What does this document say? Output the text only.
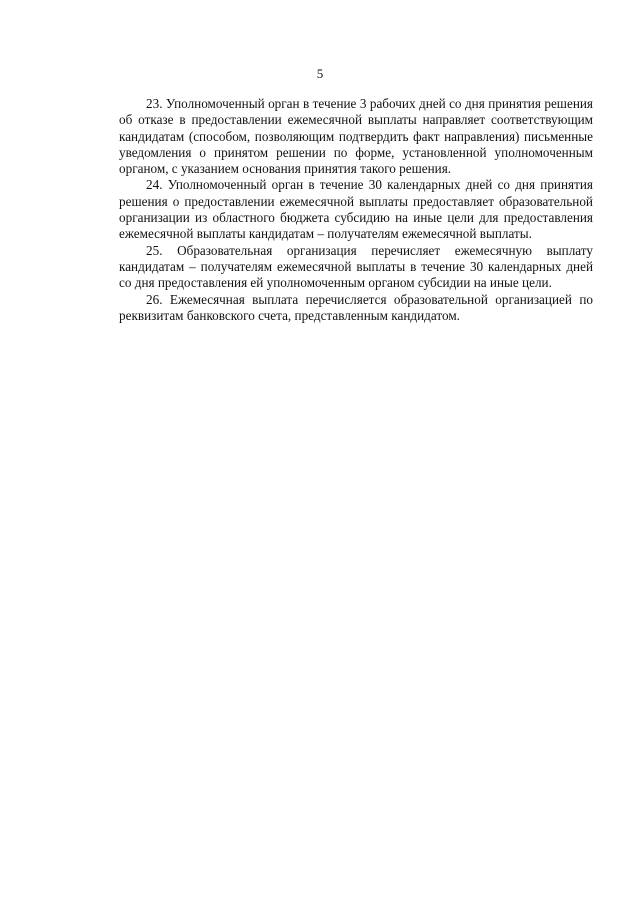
5

23. Уполномоченный орган в течение 3 рабочих дней со дня принятия решения об отказе в предоставлении ежемесячной выплаты направляет соответствующим кандидатам (способом, позволяющим подтвердить факт направления) письменные уведомления о принятом решении по форме, установленной уполномоченным органом, с указанием основания принятия такого решения.

24. Уполномоченный орган в течение 30 календарных дней со дня принятия решения о предоставлении ежемесячной выплаты предоставляет образовательной организации из областного бюджета субсидию на иные цели для предоставления ежемесячной выплаты кандидатам – получателям ежемесячной выплаты.

25. Образовательная организация перечисляет ежемесячную выплату кандидатам – получателям ежемесячной выплаты в течение 30 календарных дней со дня предоставления ей уполномоченным органом субсидии на иные цели.

26. Ежемесячная выплата перечисляется образовательной организацией по реквизитам банковского счета, представленным кандидатом.
